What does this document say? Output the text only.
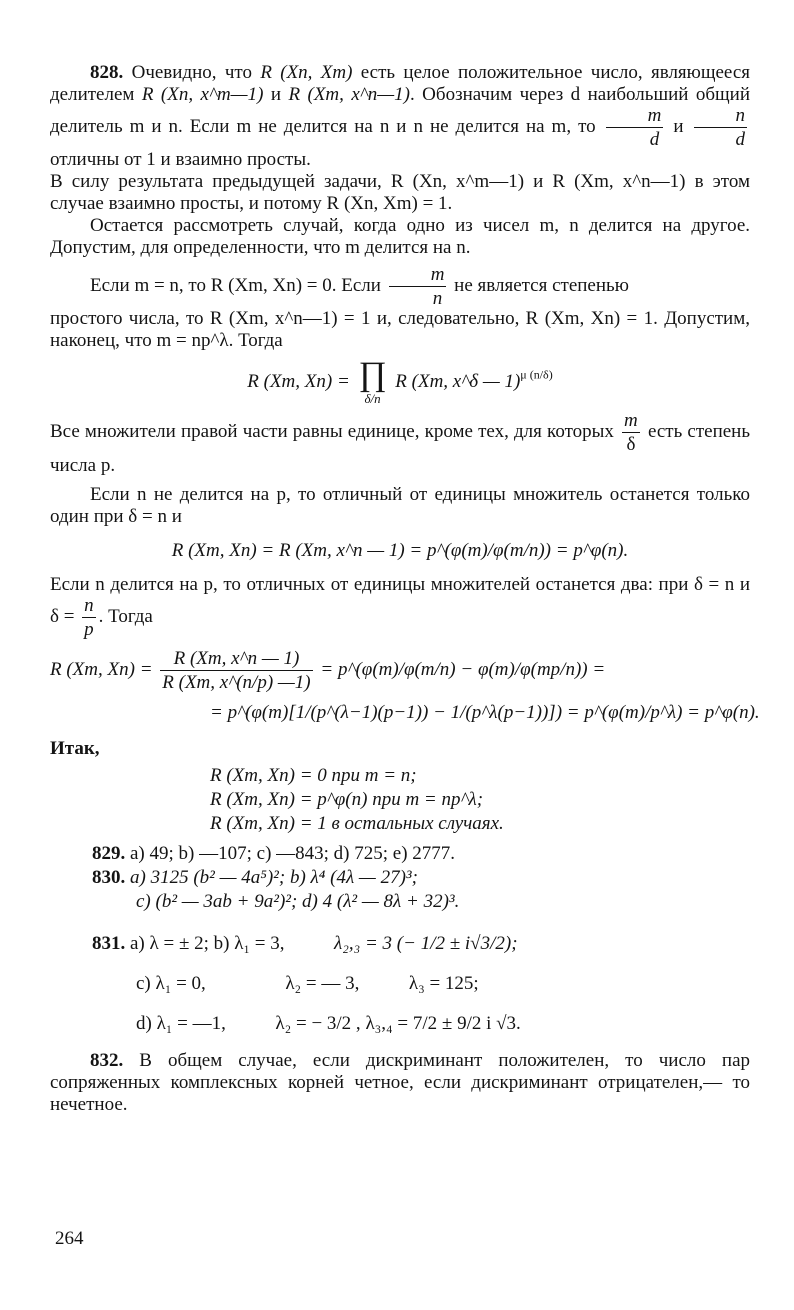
828. Очевидно, что R (Xn, Xm) есть целое положительное число, являющееся делителем R (Xn, x^m—1) и R (Xm, x^n—1). Обозначим через d наибольший общий делитель m и n. Если m не делится на n и n не делится на m, то $\frac{m}{d}$ и $\frac{n}{d}$
отличны от 1 и взаимно просты.

В силу результата предыдущей задачи, R (Xn, x^m—1) и R (Xm, x^n—1) в этом случае взаимно просты, и потому R (Xn, Xm) = 1.

Остается рассмотреть случай, когда одно из чисел m, n делится на другое. Допустим, для определенности, что m делится на n.

Если m = n, то R (Xm, Xn) = 0. Если $\frac{m}{n}$ не является степенью

простого числа, то R (Xm, x^n—1) = 1 и, следовательно, R (Xm, Xn) = 1. Допустим, наконец, что m = np^λ. Тогда

R (Xm, Xn) = ∏
δ/n
R (Xm, x^δ — 1)$^{\mu (n/\delta)}$

Все множители правой части равны единице, кроме тех, для которых $\frac{m}{\delta}$ есть степень числа p.

Если n не делится на p, то отличный от единицы множитель останется только один при δ = n и

R (Xm, Xn) = R (Xm, x^n — 1) = p^(φ(m)/φ(m/n)) = p^φ(n).

Если n делится на p, то отличных от единицы множителей останется два: при δ = n и $\delta = \frac{n}{p}$ . Тогда

R (Xm, $Xn) = \frac{R (Xm, x\^{}n — 1)}{R (Xm, x\^{}(n/p) —1)}$ = p^(φ(m)/φ(m/n) − φ(m)/φ(mp/n)) =
= p^(φ(m)[1/(p^(λ−1)(p−1)) − 1/(p^λ(p−1))]) = p^(φ(m)/p^λ) = p^φ(n).

Итак,

R (Xm, Xn) = 0 при m = n;
R (Xm, Xn) = p^φ(n) при m = np^λ;
R (Xm, Xn) = 1 в остальных случаях.
829. a) 49; b) —107; c) —843; d) 725; e) 2777.
830. a) 3125 (b² — 4a⁵)²; b) λ⁴ (4λ — 27)³;
c) (b² — 3ab + 9a²)²; d) 4 (λ² — 8λ + 32)³.
831. a) λ = ± 2; b) λ₁ = 3,	λ₂,₃ = 3 (− 1/2 ± i√3/2);
c) λ₁ = 0,	λ₂ = — 3,	λ₃ = 125;
d) λ₁ = —1,	λ₂ = − 3/2 , λ₃,₄ = 7/2 ± 9/2 i √3.

832. В общем случае, если дискриминант положителен, то число пар сопряженных комплексных корней четное, если дискриминант отрицателен,— то нечетное.

264
